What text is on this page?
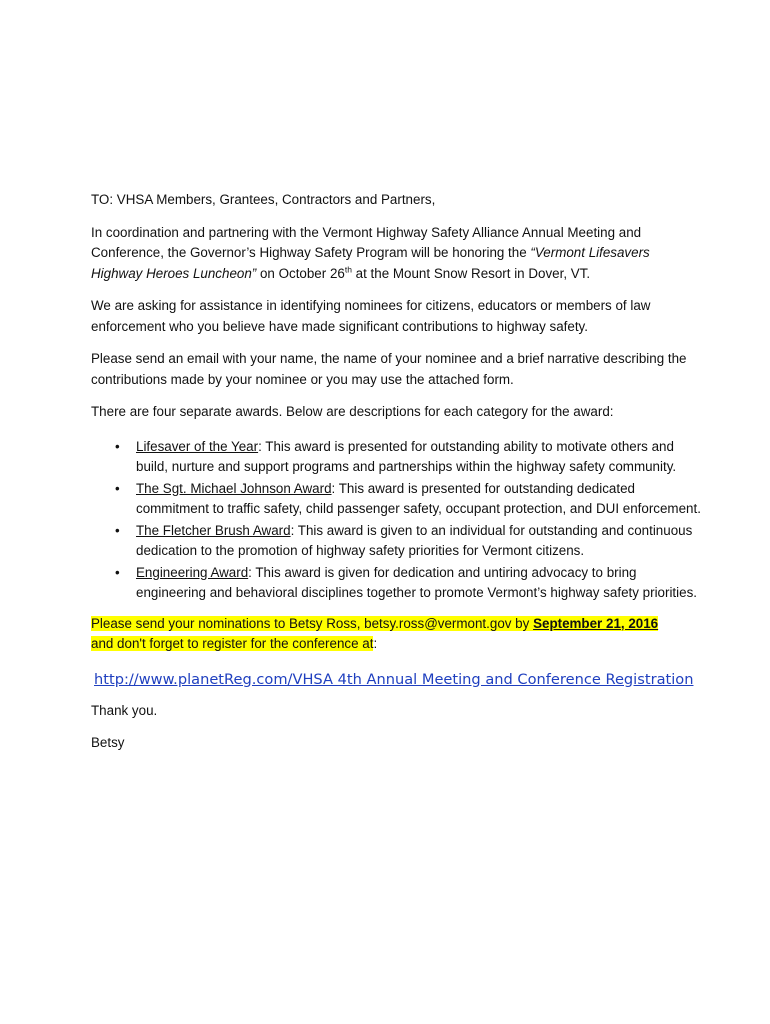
TO: VHSA Members, Grantees, Contractors and Partners,

In coordination and partnering with the Vermont Highway Safety Alliance Annual Meeting and Conference, the Governor’s Highway Safety Program will be honoring the “Vermont Lifesavers Highway Heroes Luncheon” on October 26th at the Mount Snow Resort in Dover, VT.

We are asking for assistance in identifying nominees for citizens, educators or members of law enforcement who you believe have made significant contributions to highway safety.

Please send an email with your name, the name of your nominee and a brief narrative describing the contributions made by your nominee or you may use the attached form.

There are four separate awards. Below are descriptions for each category for the award:

• Lifesaver of the Year: This award is presented for outstanding ability to motivate others and build, nurture and support programs and partnerships within the highway safety community.
• The Sgt. Michael Johnson Award: This award is presented for outstanding dedicated commitment to traffic safety, child passenger safety, occupant protection, and DUI enforcement.
• The Fletcher Brush Award: This award is given to an individual for outstanding and continuous dedication to the promotion of highway safety priorities for Vermont citizens.
• Engineering Award: This award is given for dedication and untiring advocacy to bring engineering and behavioral disciplines together to promote Vermont’s highway safety priorities.

Please send your nominations to Betsy Ross, betsy.ross@vermont.gov by September 21, 2016
and don't forget to register for the conference at:

http://www.planetReg.com/VHSA 4th Annual Meeting and Conference Registration

Thank you.

Betsy
